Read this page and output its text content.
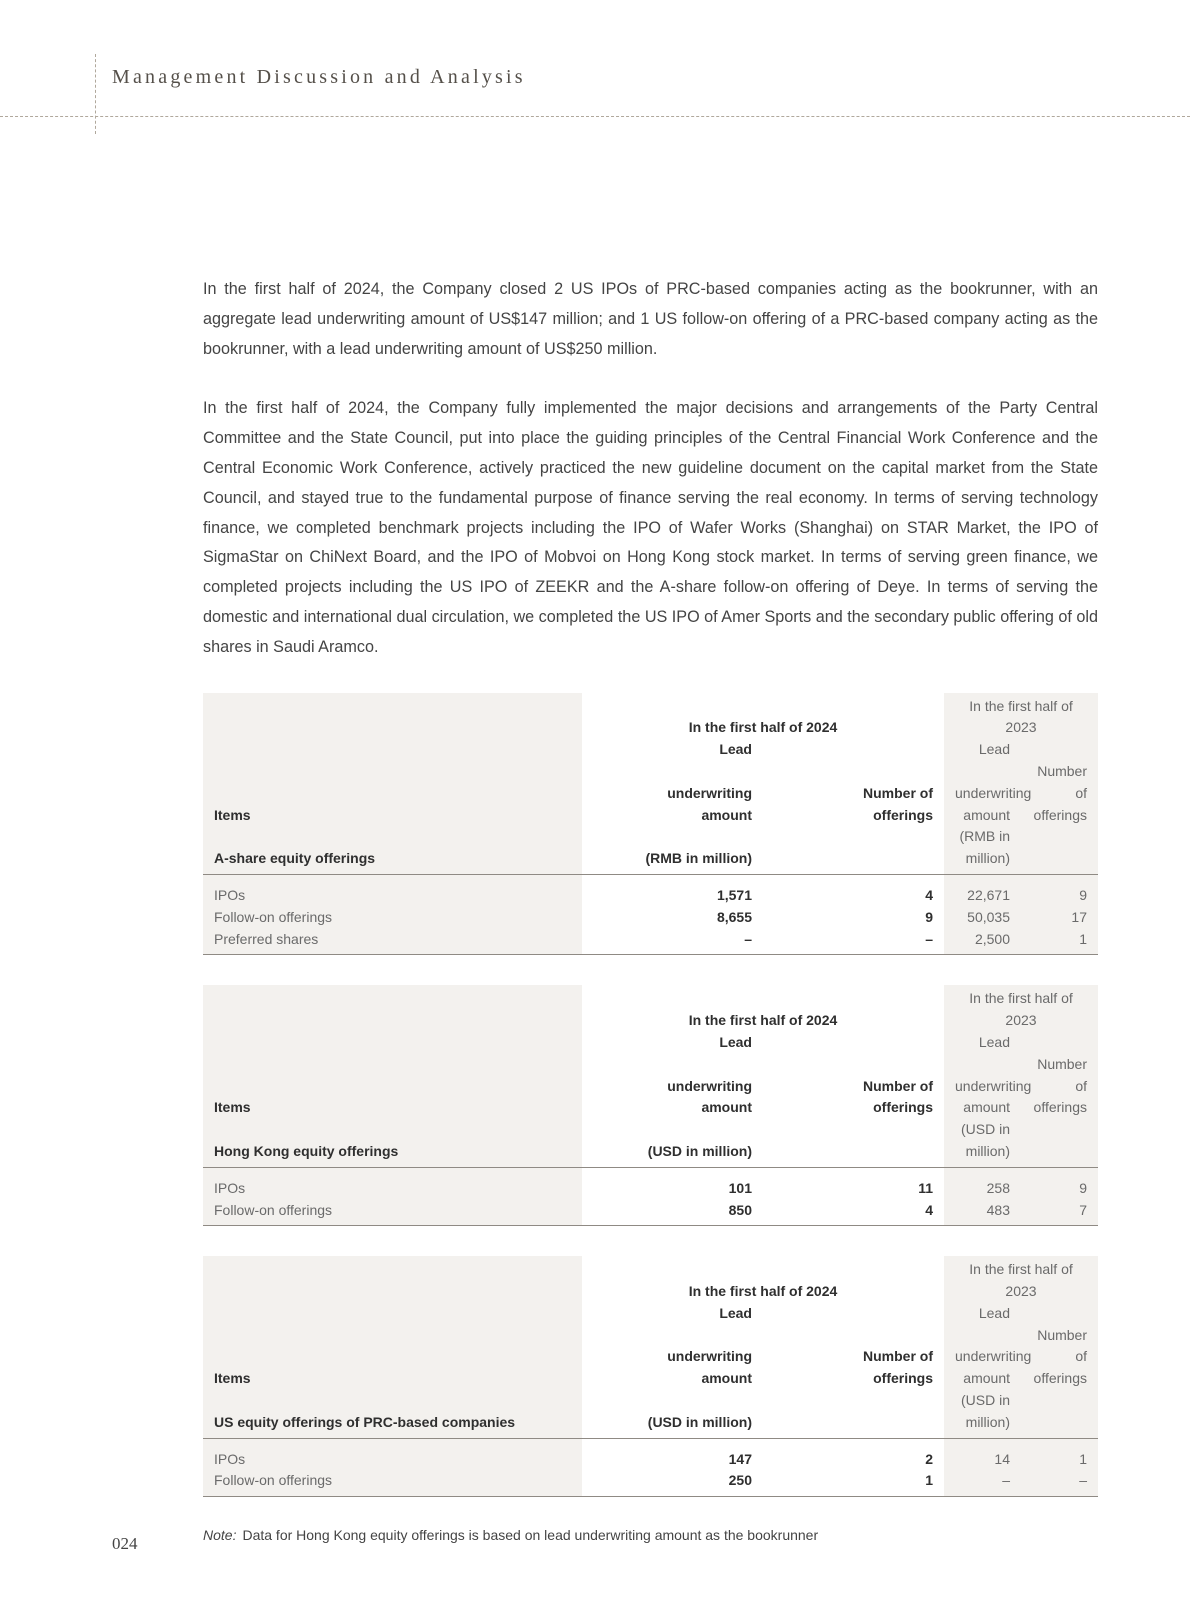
Management Discussion and Analysis

In the first half of 2024, the Company closed 2 US IPOs of PRC-based companies acting as the bookrunner, with an aggregate lead underwriting amount of US$147 million; and 1 US follow-on offering of a PRC-based company acting as the bookrunner, with a lead underwriting amount of US$250 million.

In the first half of 2024, the Company fully implemented the major decisions and arrangements of the Party Central Committee and the State Council, put into place the guiding principles of the Central Financial Work Conference and the Central Economic Work Conference, actively practiced the new guideline document on the capital market from the State Council, and stayed true to the fundamental purpose of finance serving the real economy. In terms of serving technology finance, we completed benchmark projects including the IPO of Wafer Works (Shanghai) on STAR Market, the IPO of SigmaStar on ChiNext Board, and the IPO of Mobvoi on Hong Kong stock market. In terms of serving green finance, we completed projects including the US IPO of ZEEKR and the A-share follow-on offering of Deye. In terms of serving the domestic and international dual circulation, we completed the US IPO of Amer Sports and the secondary public offering of old shares in Saudi Aramco.

	In the first half of 2024		In the first half of 2023	
	Lead		Lead	
	underwriting	Number of	underwriting	Number of
Items	amount	offerings	amount	offerings
A-share equity offerings	(RMB in million)		(RMB in million)	
IPOs	1,571	4	22,671	9
Follow-on offerings	8,655	9	50,035	17
Preferred shares	–	–	2,500	1
	In the first half of 2024		In the first half of 2023	
	Lead		Lead	
	underwriting	Number of	underwriting	Number of
Items	amount	offerings	amount	offerings
Hong Kong equity offerings	(USD in million)		(USD in million)	
IPOs	101	11	258	9
Follow-on offerings	850	4	483	7
	In the first half of 2024		In the first half of 2023	
	Lead		Lead	
	underwriting	Number of	underwriting	Number of
Items	amount	offerings	amount	offerings
US equity offerings of PRC-based companies	(USD in million)		(USD in million)	
IPOs	147	2	14	1
Follow-on offerings	250	1	–	–
Note: Data for Hong Kong equity offerings is based on lead underwriting amount as the bookrunner
024
